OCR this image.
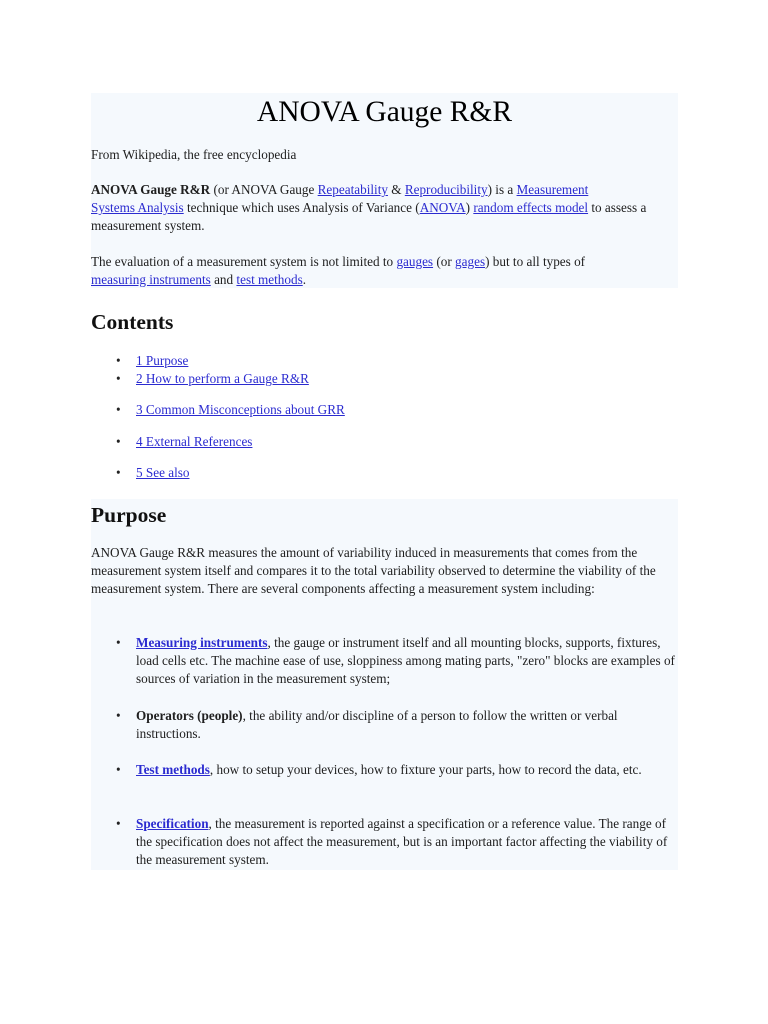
ANOVA Gauge R&R
From Wikipedia, the free encyclopedia
ANOVA Gauge R&R (or ANOVA Gauge Repeatability & Reproducibility) is a Measurement
Systems Analysis technique which uses Analysis of Variance (ANOVA) random effects model to assess a measurement system.
The evaluation of a measurement system is not limited to gauges (or gages) but to all types of
measuring instruments and test methods.
Contents
• 1 Purpose
• 2 How to perform a Gauge R&R
• 3 Common Misconceptions about GRR
• 4 External References
• 5 See also
Purpose
ANOVA Gauge R&R measures the amount of variability induced in measurements that comes from the measurement system itself and compares it to the total variability observed to determine the viability of the measurement system. There are several components affecting a measurement system including:
• Measuring instruments, the gauge or instrument itself and all mounting blocks, supports, fixtures, load cells etc. The machine ease of use, sloppiness among mating parts, "zero" blocks are examples of sources of variation in the measurement system;
• Operators (people), the ability and/or discipline of a person to follow the written or verbal instructions.
• Test methods, how to setup your devices, how to fixture your parts, how to record the data, etc.
• Specification, the measurement is reported against a specification or a reference value. The range of the specification does not affect the measurement, but is an important factor affecting the viability of the measurement system.
